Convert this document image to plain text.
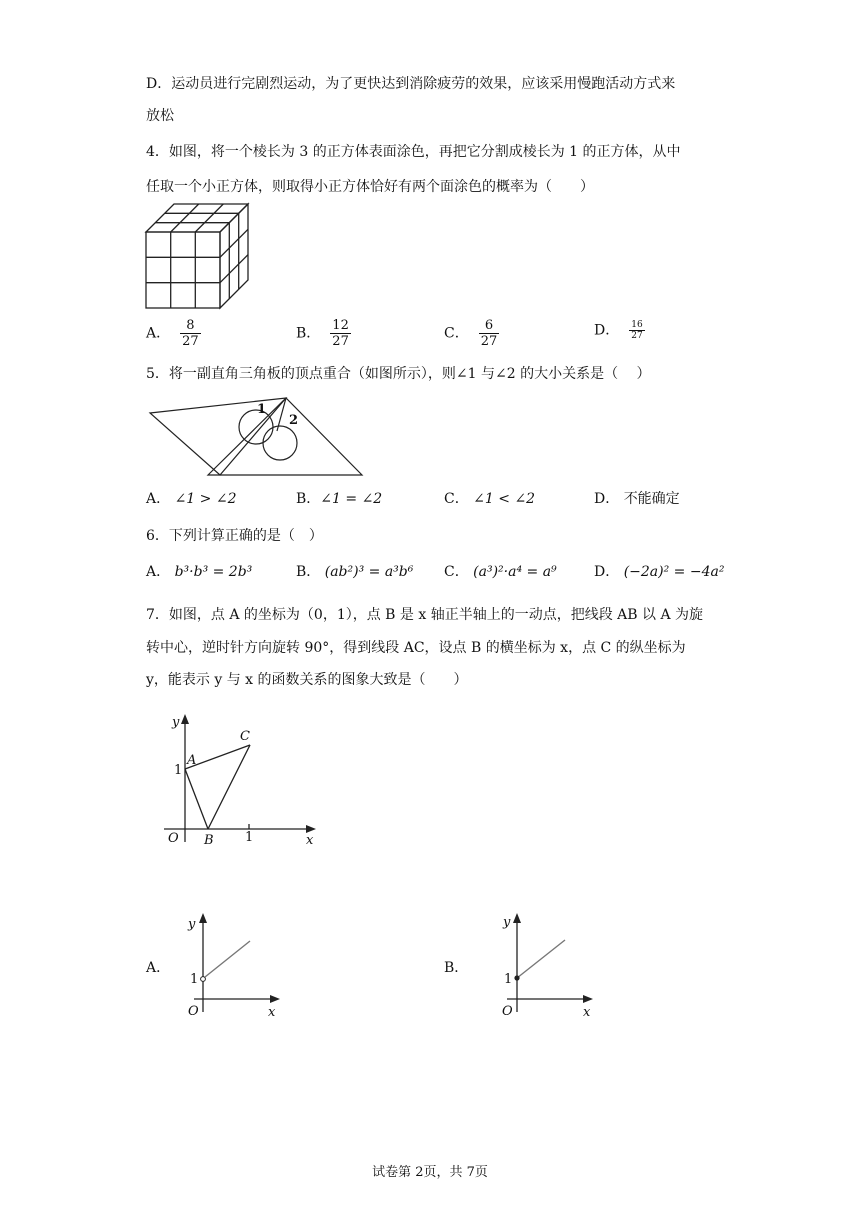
D．运动员进行完剧烈运动，为了更快达到消除疲劳的效果，应该采用慢跑活动方式来
放松
4．如图，将一个棱长为 3 的正方体表面涂色，再把它分割成棱长为 1 的正方体，从中
任取一个小正方体，则取得小正方体恰好有两个面涂色的概率为（　　）
A． $\frac{8}{27}$	B． $\frac{12}{27}$	C． $\frac{6}{27}$	D． $\frac{16}{27}$
5．将一副直角三角板的顶点重合（如图所示），则∠1 与∠2 的大小关系是（　 ）
1
2
A． ∠1 > ∠2	B．∠1 = ∠2	C． ∠1 < ∠2	D． 不能确定
6．下列计算正确的是（　）
A． b³·b³ = 2b³	B． (ab²)³ = a³b⁶ C． (a³)²·a⁴ = a⁹	D． (−2a)² = −4a²
7．如图，点 A 的坐标为（0，1），点 B 是 x 轴正半轴上的一动点，把线段 AB 以 A 为旋
转中心，逆时针方向旋转 90°，得到线段 AC，设点 B 的横坐标为 x，点 C 的纵坐标为
y，能表示 y 与 x 的函数关系的图象大致是（　　）
y
x
O
A
B
C
1
1
A．
y
x
O
1
B．
y
x
O
1
试卷第 2页，共 7页
